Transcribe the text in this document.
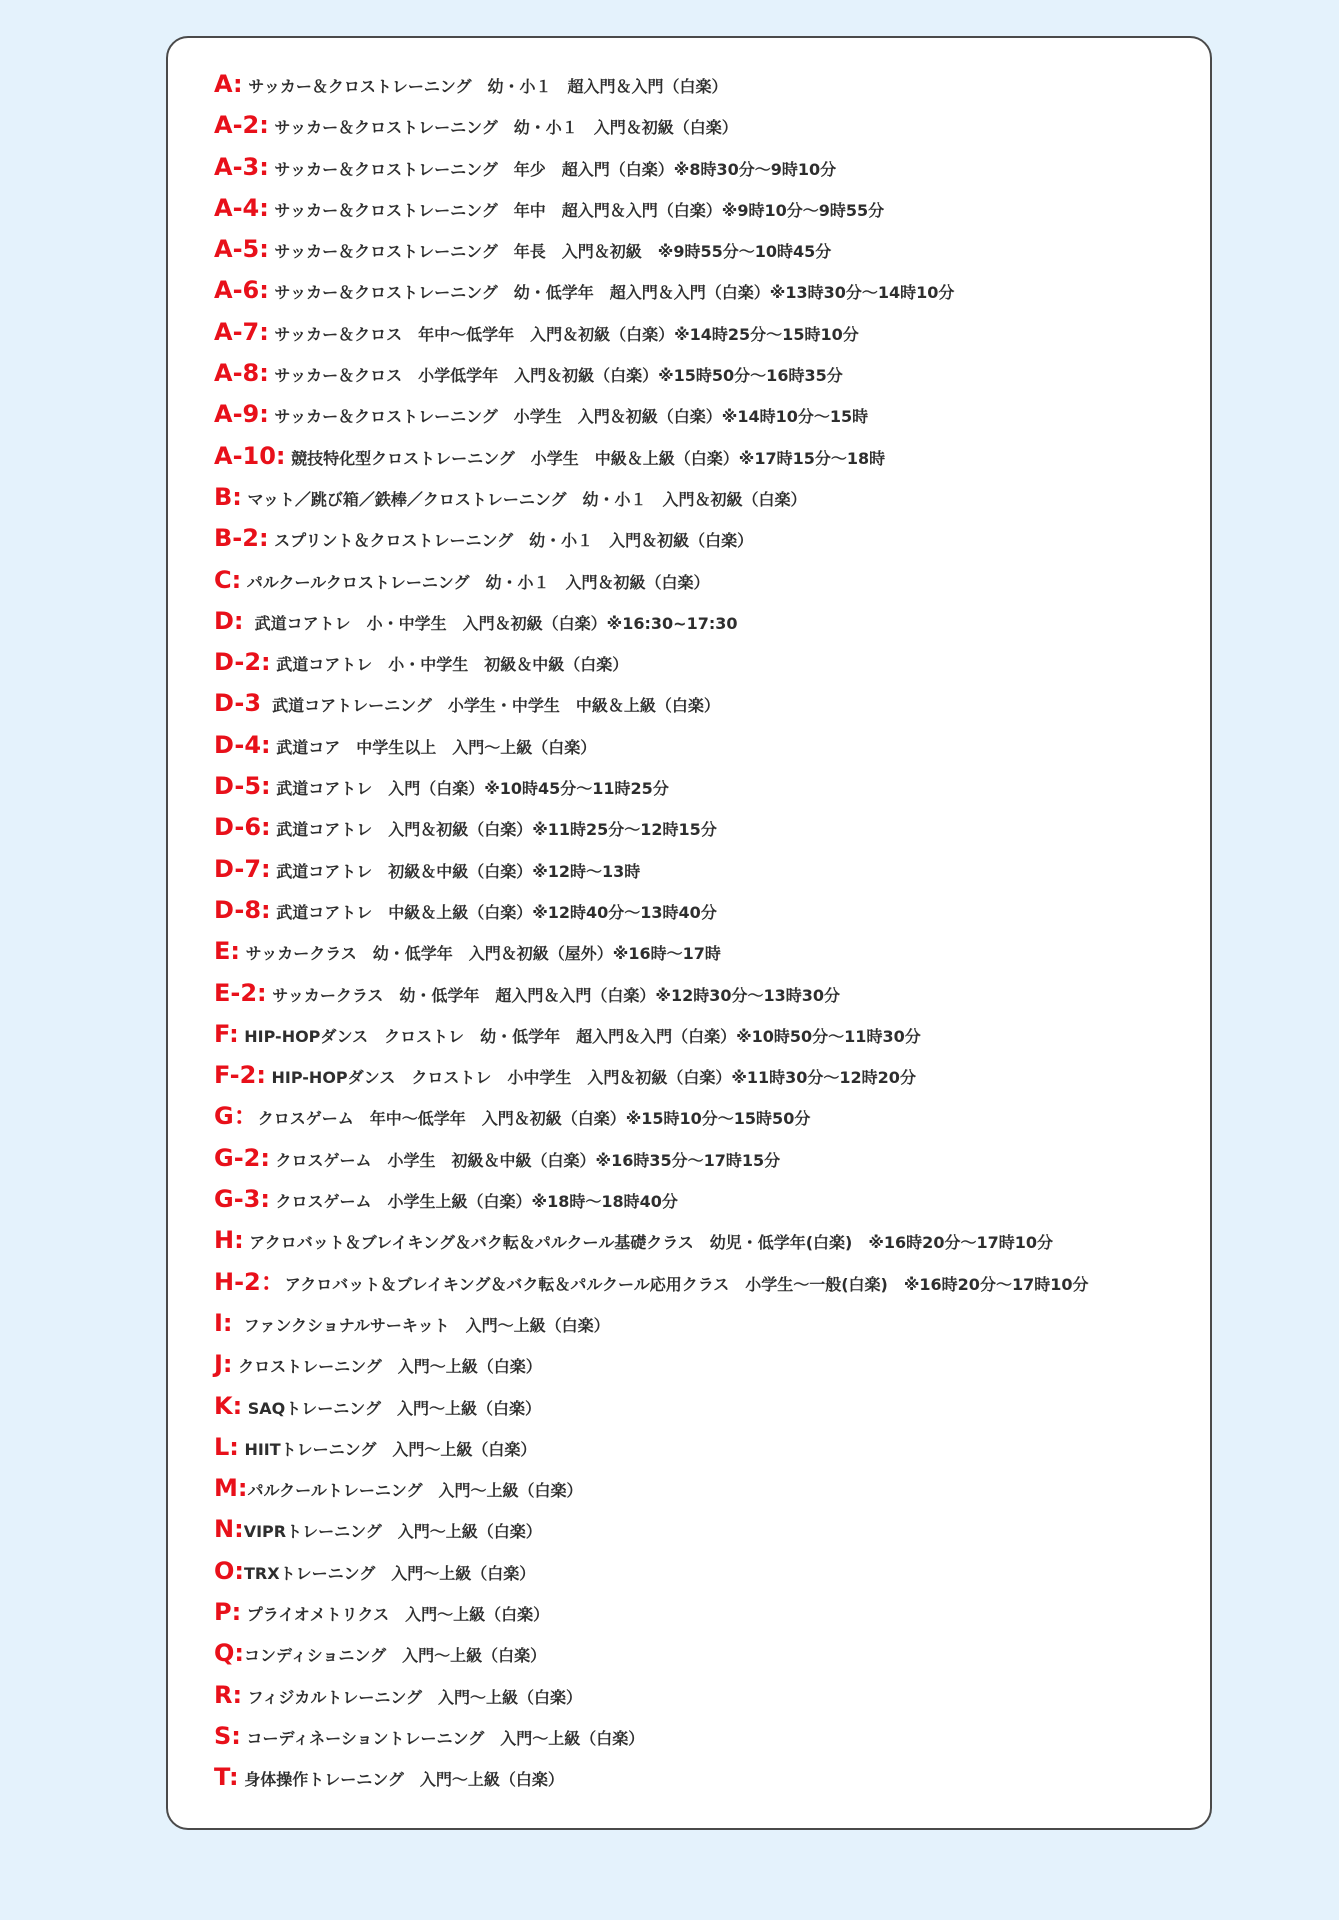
A: サッカー＆クロストレーニング　幼・小１　超入門＆入門（白楽）
A-2: サッカー＆クロストレーニング　幼・小１　入門＆初級（白楽）
A-3: サッカー＆クロストレーニング　年少　超入門（白楽）※8時30分～9時10分
A-4: サッカー＆クロストレーニング　年中　超入門＆入門（白楽）※9時10分～9時55分
A-5: サッカー＆クロストレーニング　年長　入門＆初級　※9時55分～10時45分
A-6: サッカー＆クロストレーニング　幼・低学年　超入門＆入門（白楽）※13時30分～14時10分
A-7: サッカー＆クロス　年中～低学年　入門＆初級（白楽）※14時25分～15時10分
A-8: サッカー＆クロス　小学低学年　入門＆初級（白楽）※15時50分～16時35分
A-9: サッカー＆クロストレーニング　小学生　入門＆初級（白楽）※14時10分～15時
A-10: 競技特化型クロストレーニング　小学生　中級＆上級（白楽）※17時15分～18時
B: マット／跳び箱／鉄棒／クロストレーニング　幼・小１　入門＆初級（白楽）
B-2: スプリント＆クロストレーニング　幼・小１　入門＆初級（白楽）
C: パルクールクロストレーニング　幼・小１　入門＆初級（白楽）
D:  武道コアトレ　小・中学生　入門＆初級（白楽）※16:30~17:30
D-2: 武道コアトレ　小・中学生　初級＆中級（白楽）
D-3  武道コアトレーニング　小学生・中学生　中級＆上級（白楽）
D-4: 武道コア　中学生以上　入門～上級（白楽）
D-5: 武道コアトレ　入門（白楽）※10時45分～11時25分
D-6: 武道コアトレ　入門＆初級（白楽）※11時25分～12時15分
D-7: 武道コアトレ　初級＆中級（白楽）※12時～13時
D-8: 武道コアトレ　中級＆上級（白楽）※12時40分～13時40分
E: サッカークラス　幼・低学年　入門＆初級（屋外）※16時～17時
E-2: サッカークラス　幼・低学年　超入門＆入門（白楽）※12時30分～13時30分
F: HIP-HOPダンス　クロストレ　幼・低学年　超入門＆入門（白楽）※10時50分～11時30分
F-2: HIP-HOPダンス　クロストレ　小中学生　入門＆初級（白楽）※11時30分～12時20分
G：クロスゲーム　年中～低学年　入門＆初級（白楽）※15時10分～15時50分
G-2: クロスゲーム　小学生　初級＆中級（白楽）※16時35分～17時15分
G-3: クロスゲーム　小学生上級（白楽）※18時～18時40分
H: アクロバット＆ブレイキング＆バク転＆パルクール基礎クラス　幼児・低学年(白楽)　※16時20分～17時10分
H-2：アクロバット＆ブレイキング＆バク転＆パルクール応用クラス　小学生～一般(白楽)　※16時20分～17時10分
I:  ファンクショナルサーキット　入門～上級（白楽）
J: クロストレーニング　入門～上級（白楽）
K: SAQトレーニング　入門～上級（白楽）
L: HIITトレーニング　入門～上級（白楽）
M:パルクールトレーニング　入門～上級（白楽）
N:VIPRトレーニング　入門～上級（白楽）
O:TRXトレーニング　入門～上級（白楽）
P: プライオメトリクス　入門～上級（白楽）
Q:コンディショニング　入門～上級（白楽）
R: フィジカルトレーニング　入門～上級（白楽）
S: コーディネーショントレーニング　入門～上級（白楽）
T: 身体操作トレーニング　入門～上級（白楽）
